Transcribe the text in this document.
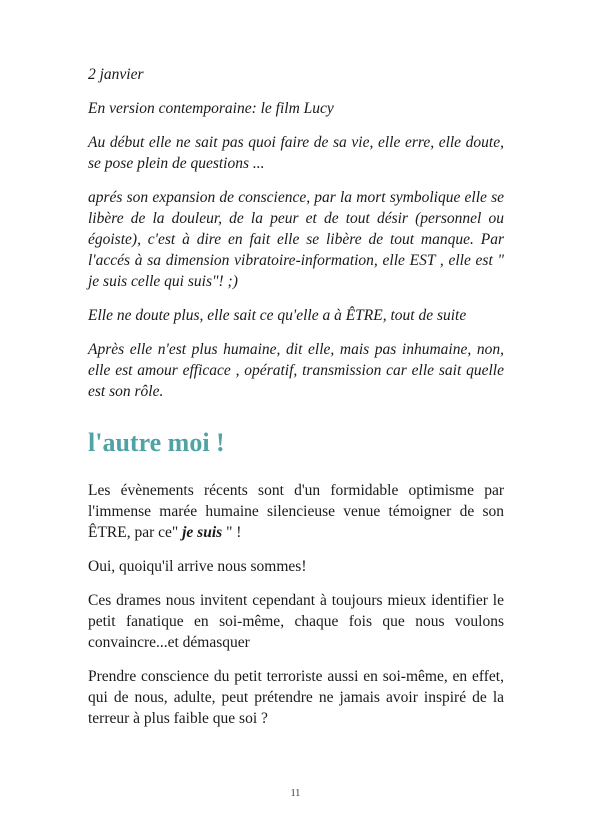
2 janvier

En version contemporaine: le film Lucy

Au début elle ne sait pas quoi faire de sa vie, elle erre, elle doute, se pose plein de questions ...

aprés son expansion de conscience, par la mort symbolique elle se libère de la douleur, de la peur et de tout désir (personnel ou égoiste), c'est à dire en fait elle se libère de tout manque. Par l'accés à sa dimension vibratoire-information, elle EST , elle est " je suis celle qui suis"! ;)

Elle ne doute plus, elle sait ce qu'elle a à ÊTRE, tout de suite

Après elle n'est plus humaine, dit elle, mais pas inhumaine, non, elle est amour efficace , opératif, transmission car elle sait quelle est son rôle.

l'autre moi !

Les évènements récents sont d'un formidable optimisme par l'immense marée humaine silencieuse venue témoigner de son ÊTRE, par ce" je suis " !

Oui, quoiqu'il arrive nous sommes!

Ces drames nous invitent cependant à toujours mieux identifier le petit fanatique en soi-même, chaque fois que nous voulons convaincre...et démasquer

Prendre conscience du petit terroriste aussi en soi-même, en effet, qui de nous, adulte, peut prétendre ne jamais avoir inspiré de la terreur à plus faible que soi ?

11
